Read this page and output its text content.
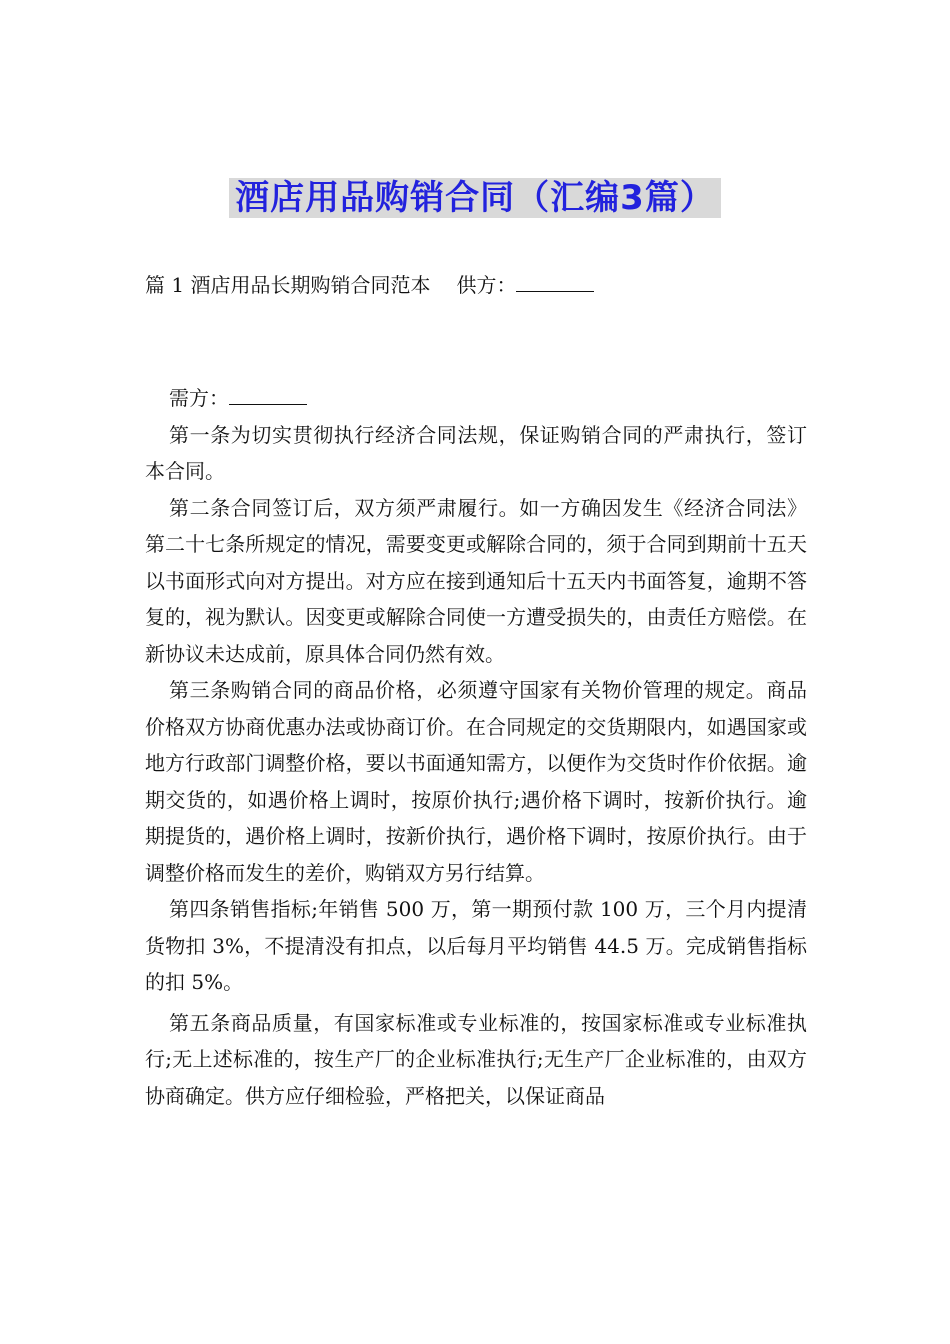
酒店用品购销合同（汇编3篇）
篇 1 酒店用品长期购销合同范本 供方：

需方：

第一条为切实贯彻执行经济合同法规，保证购销合同的严肃执行，签订本合同。

第二条合同签订后，双方须严肃履行。如一方确因发生《经济合同法》第二十七条所规定的情况，需要变更或解除合同的，须于合同到期前十五天以书面形式向对方提出。对方应在接到通知后十五天内书面答复，逾期不答复的，视为默认。因变更或解除合同使一方遭受损失的，由责任方赔偿。在新协议未达成前，原具体合同仍然有效。

第三条购销合同的商品价格，必须遵守国家有关物价管理的规定。商品价格双方协商优惠办法或协商订价。在合同规定的交货期限内，如遇国家或地方行政部门调整价格，要以书面通知需方，以便作为交货时作价依据。逾期交货的，如遇价格上调时，按原价执行;遇价格下调时，按新价执行。逾期提货的，遇价格上调时，按新价执行，遇价格下调时，按原价执行。由于调整价格而发生的差价，购销双方另行结算。

第四条销售指标;年销售 500 万，第一期预付款 100 万，三个月内提清货物扣 3%，不提清没有扣点，以后每月平均销售 44.5 万。完成销售指标的扣 5%。

第五条商品质量，有国家标准或专业标准的，按国家标准或专业标准执行;无上述标准的，按生产厂的企业标准执行;无生产厂企业标准的，由双方协商确定。供方应仔细检验，严格把关，以保证商品
